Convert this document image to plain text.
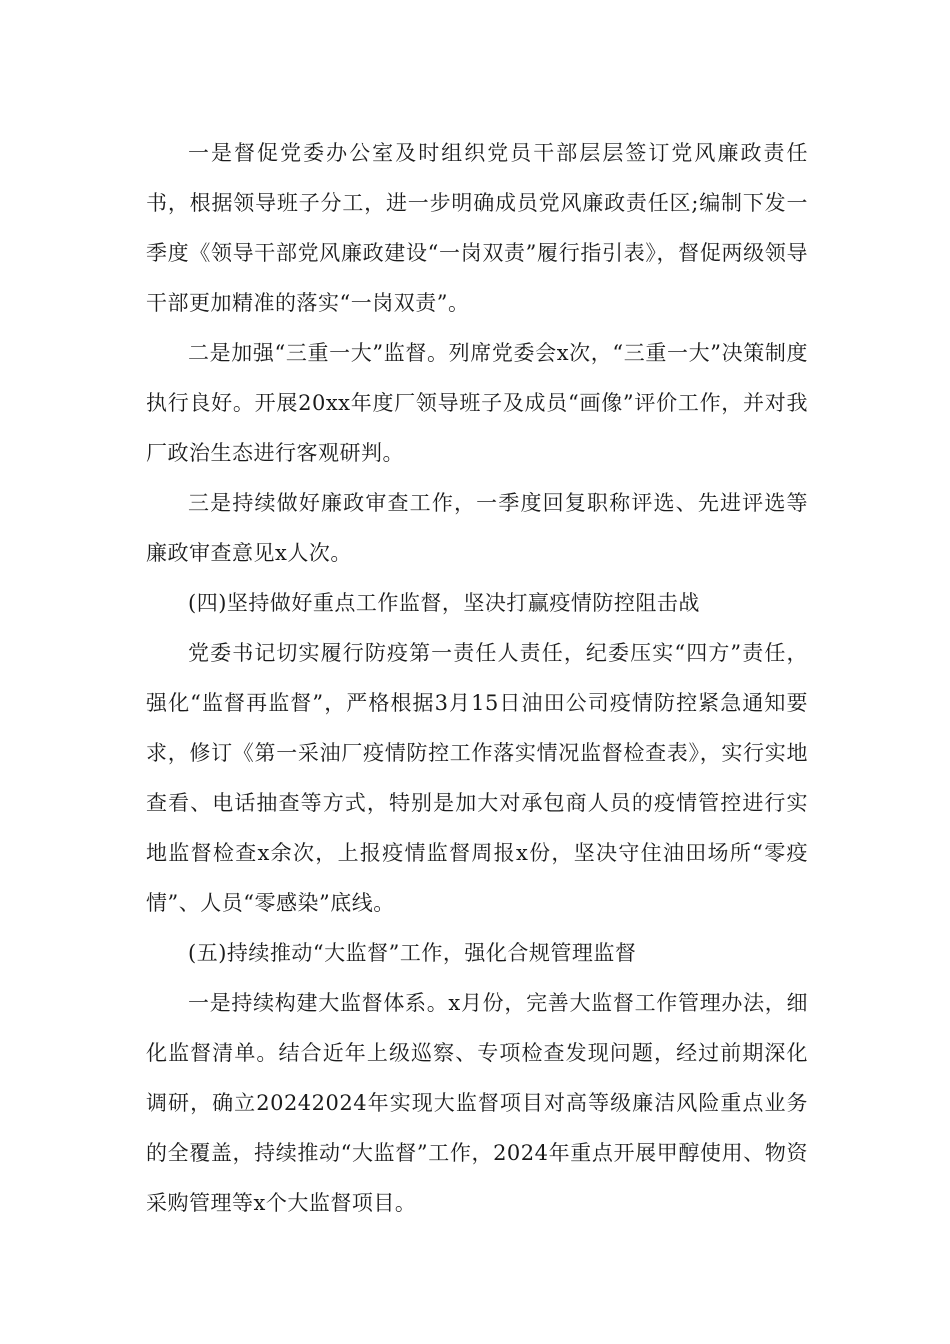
一是督促党委办公室及时组织党员干部层层签订党风廉政责任书，根据领导班子分工，进一步明确成员党风廉政责任区;编制下发一季度《领导干部党风廉政建设“一岗双责”履行指引表》，督促两级领导干部更加精准的落实“一岗双责”。

二是加强“三重一大”监督。列席党委会x次，“三重一大”决策制度执行良好。开展20xx年度厂领导班子及成员“画像”评价工作，并对我厂政治生态进行客观研判。

三是持续做好廉政审查工作，一季度回复职称评选、先进评选等廉政审查意见x人次。

(四)坚持做好重点工作监督，坚决打赢疫情防控阻击战

党委书记切实履行防疫第一责任人责任，纪委压实“四方”责任，强化“监督再监督”，严格根据3月15日油田公司疫情防控紧急通知要求，修订《第一采油厂疫情防控工作落实情况监督检查表》，实行实地查看、电话抽查等方式，特别是加大对承包商人员的疫情管控进行实地监督检查x余次，上报疫情监督周报x份，坚决守住油田场所“零疫情”、人员“零感染”底线。

(五)持续推动“大监督”工作，强化合规管理监督

一是持续构建大监督体系。x月份，完善大监督工作管理办法，细化监督清单。结合近年上级巡察、专项检查发现问题，经过前期深化调研，确立20242024年实现大监督项目对高等级廉洁风险重点业务的全覆盖，持续推动“大监督”工作，2024年重点开展甲醇使用、物资采购管理等x个大监督项目。
